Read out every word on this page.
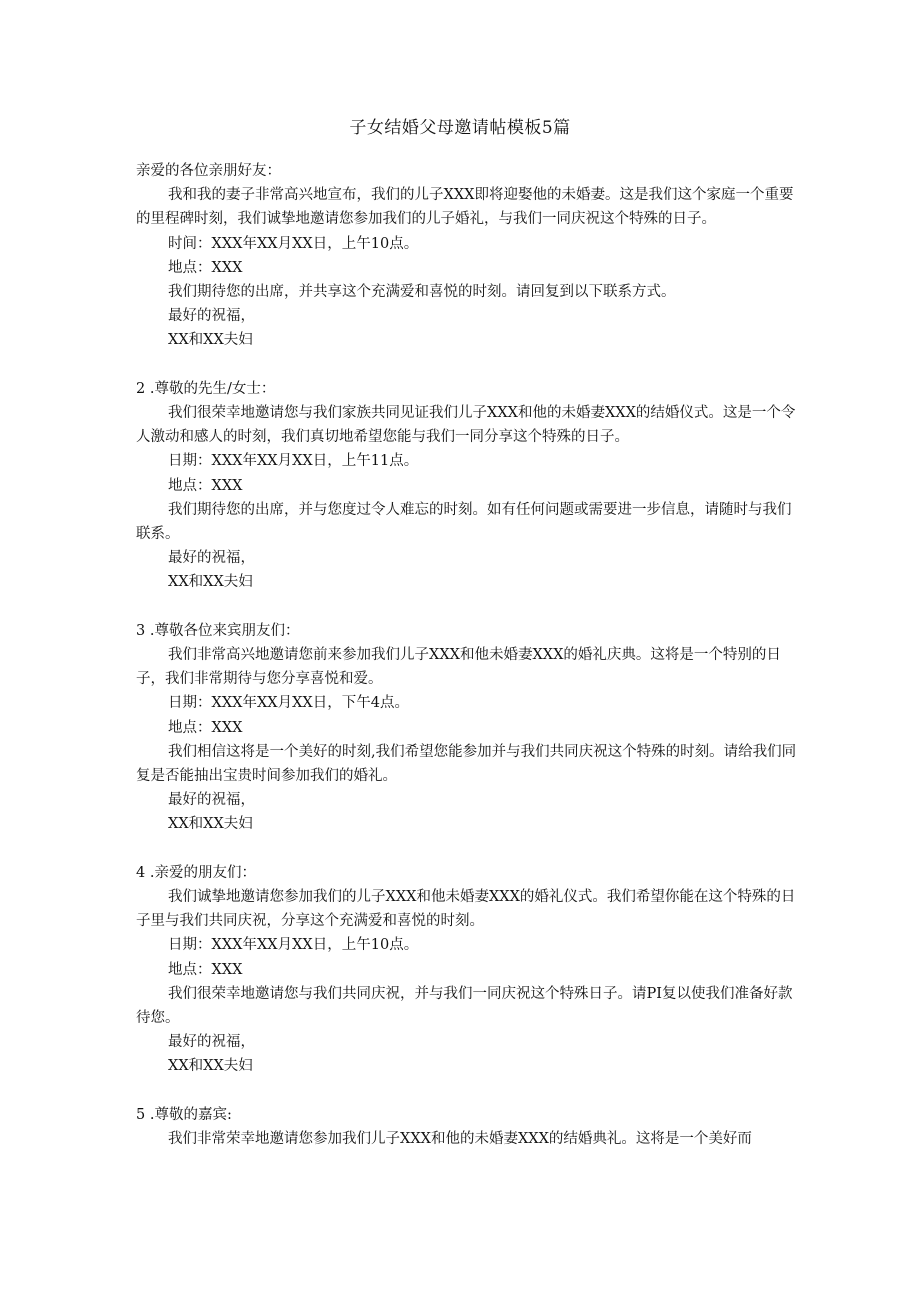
子女结婚父母邀请帖模板5篇
亲爱的各位亲朋好友：

我和我的妻子非常高兴地宣布，我们的儿子XXX即将迎娶他的未婚妻。这是我们这个家庭一个重要的里程碑时刻，我们诚挚地邀请您参加我们的儿子婚礼，与我们一同庆祝这个特殊的日子。

时间：XXX年XX月XX日，上午10点。
地点：XXX

我们期待您的出席，并共享这个充满爱和喜悦的时刻。请回复到以下联系方式。

最好的祝福，
XX和XX夫妇
2 .尊敬的先生/女士：

我们很荣幸地邀请您与我们家族共同见证我们儿子XXX和他的未婚妻XXX的结婚仪式。这是一个令人激动和感人的时刻，我们真切地希望您能与我们一同分享这个特殊的日子。

日期：XXX年XX月XX日，上午11点。
地点：XXX

我们期待您的出席，并与您度过令人难忘的时刻。如有任何问题或需要进一步信息，请随时与我们联系。

最好的祝福，
XX和XX夫妇
3 .尊敬各位来宾朋友们：

我们非常高兴地邀请您前来参加我们儿子XXX和他未婚妻XXX的婚礼庆典。这将是一个特别的日子，我们非常期待与您分享喜悦和爱。

日期：XXX年XX月XX日，下午4点。
地点：XXX

我们相信这将是一个美好的时刻,我们希望您能参加并与我们共同庆祝这个特殊的时刻。请给我们同复是否能抽出宝贵时间参加我们的婚礼。

最好的祝福，
XX和XX夫妇
4 .亲爱的朋友们：

我们诚挚地邀请您参加我们的儿子XXX和他未婚妻XXX的婚礼仪式。我们希望你能在这个特殊的日子里与我们共同庆祝，分享这个充满爱和喜悦的时刻。

日期：XXX年XX月XX日，上午10点。
地点：XXX

我们很荣幸地邀请您与我们共同庆祝，并与我们一同庆祝这个特殊日子。请PI复以使我们准备好款待您。

最好的祝福，
XX和XX夫妇
5 .尊敬的嘉宾:

我们非常荣幸地邀请您参加我们儿子XXX和他的未婚妻XXX的结婚典礼。这将是一个美好而
